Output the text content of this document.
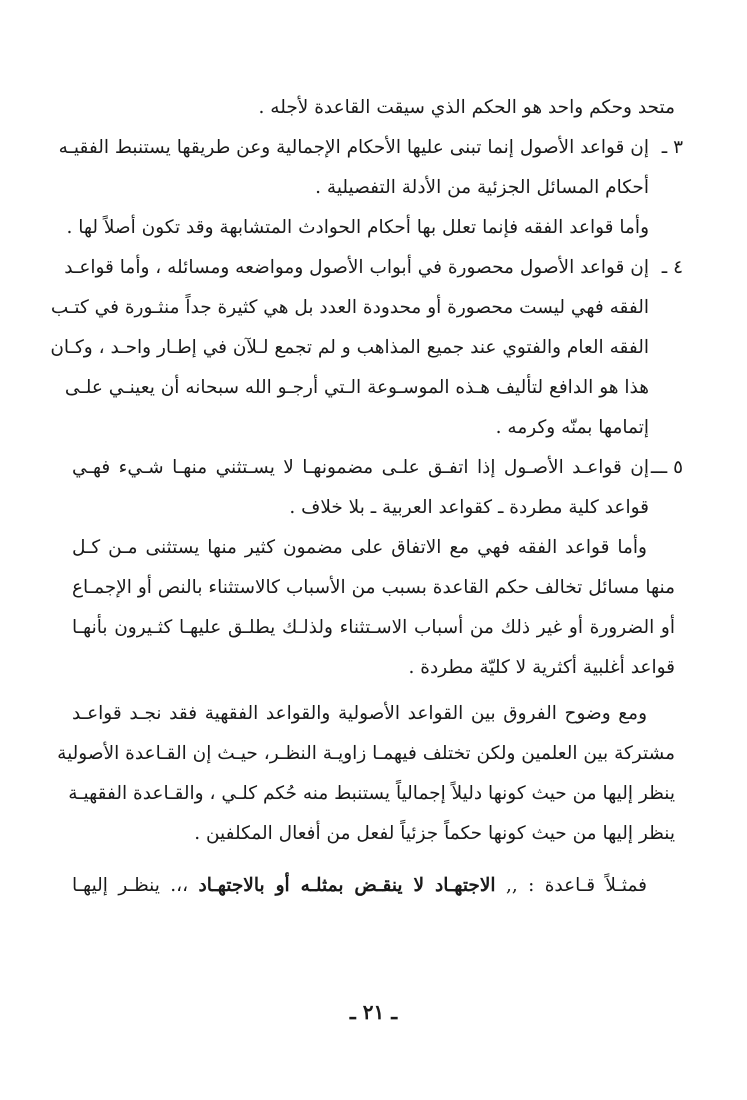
متحد وحكم واحد هو الحكم الذي سيقت القاعدة لأجله .
٣ ـ
إن قواعد الأصول إنما تبنى عليها الأحكام الإجمالية وعن طريقها يستنبط الفقيـه
أحكام المسائل الجزئية من الأدلة التفصيلية .
وأما قواعد الفقه فإنما تعلل بها أحكام الحوادث المتشابهة وقد تكون أصلاً لها .
٤ ـ
إن قواعد الأصول محصورة في أبواب الأصول ومواضعه ومسائله ، وأما قواعـد
الفقه فهي ليست محصورة أو محدودة العدد بل هي كثيرة جداً منثـورة في كتـب
الفقه العام والفتوي عند جميع المذاهب و لم تجمع لـلآن في إطـار واحـد ، وكـان
هذا هو الدافع لتأليف هـذه الموسـوعة الـتي أرجـو الله سبحانه أن يعينـي علـى
إتمامها بمنّه وكرمه .
٥ ـــ
إن قواعـد الأصـول إذا اتفـق علـى مضمونهـا لا يسـتثني منهـا شـيء فهـي
قواعد كلية مطردة ـ كقواعد العربية ـ بلا خلاف .
وأما قواعد الفقه فهي مع الاتفاق على مضمون كثير منها يستثنى مـن كـل
منها مسائل تخالف حكم القاعدة بسبب من الأسباب كالاستثناء بالنص أو الإجمـاع
أو الضرورة أو غير ذلك من أسباب الاسـتثناء ولذلـك يطلـق عليهـا كثـيرون بأنهـا
قواعد أغلبية أكثرية لا كليّة مطردة .
ومع وضوح الفروق بين القواعد الأصولية والقواعد الفقهية فقد نجـد قواعـد
مشتركة بين العلمين ولكن تختلف فيهمـا زاويـة النظـر، حيـث إن القـاعدة الأصولية
ينظر إليها من حيث كونها دليلاً إجمالياً يستنبط منه حُكم كلـي ، والقـاعدة الفقهيـة
ينظر إليها من حيث كونها حكماً جزئياً لفعل من أفعال المكلفين .
فمثـلاً قـاعدة : ,, الاجتهـاد لا ينقـض بمثلـه أو بالاجتهـاد ،،. ينظـر إليهـا
ـ ٢١ ـ
